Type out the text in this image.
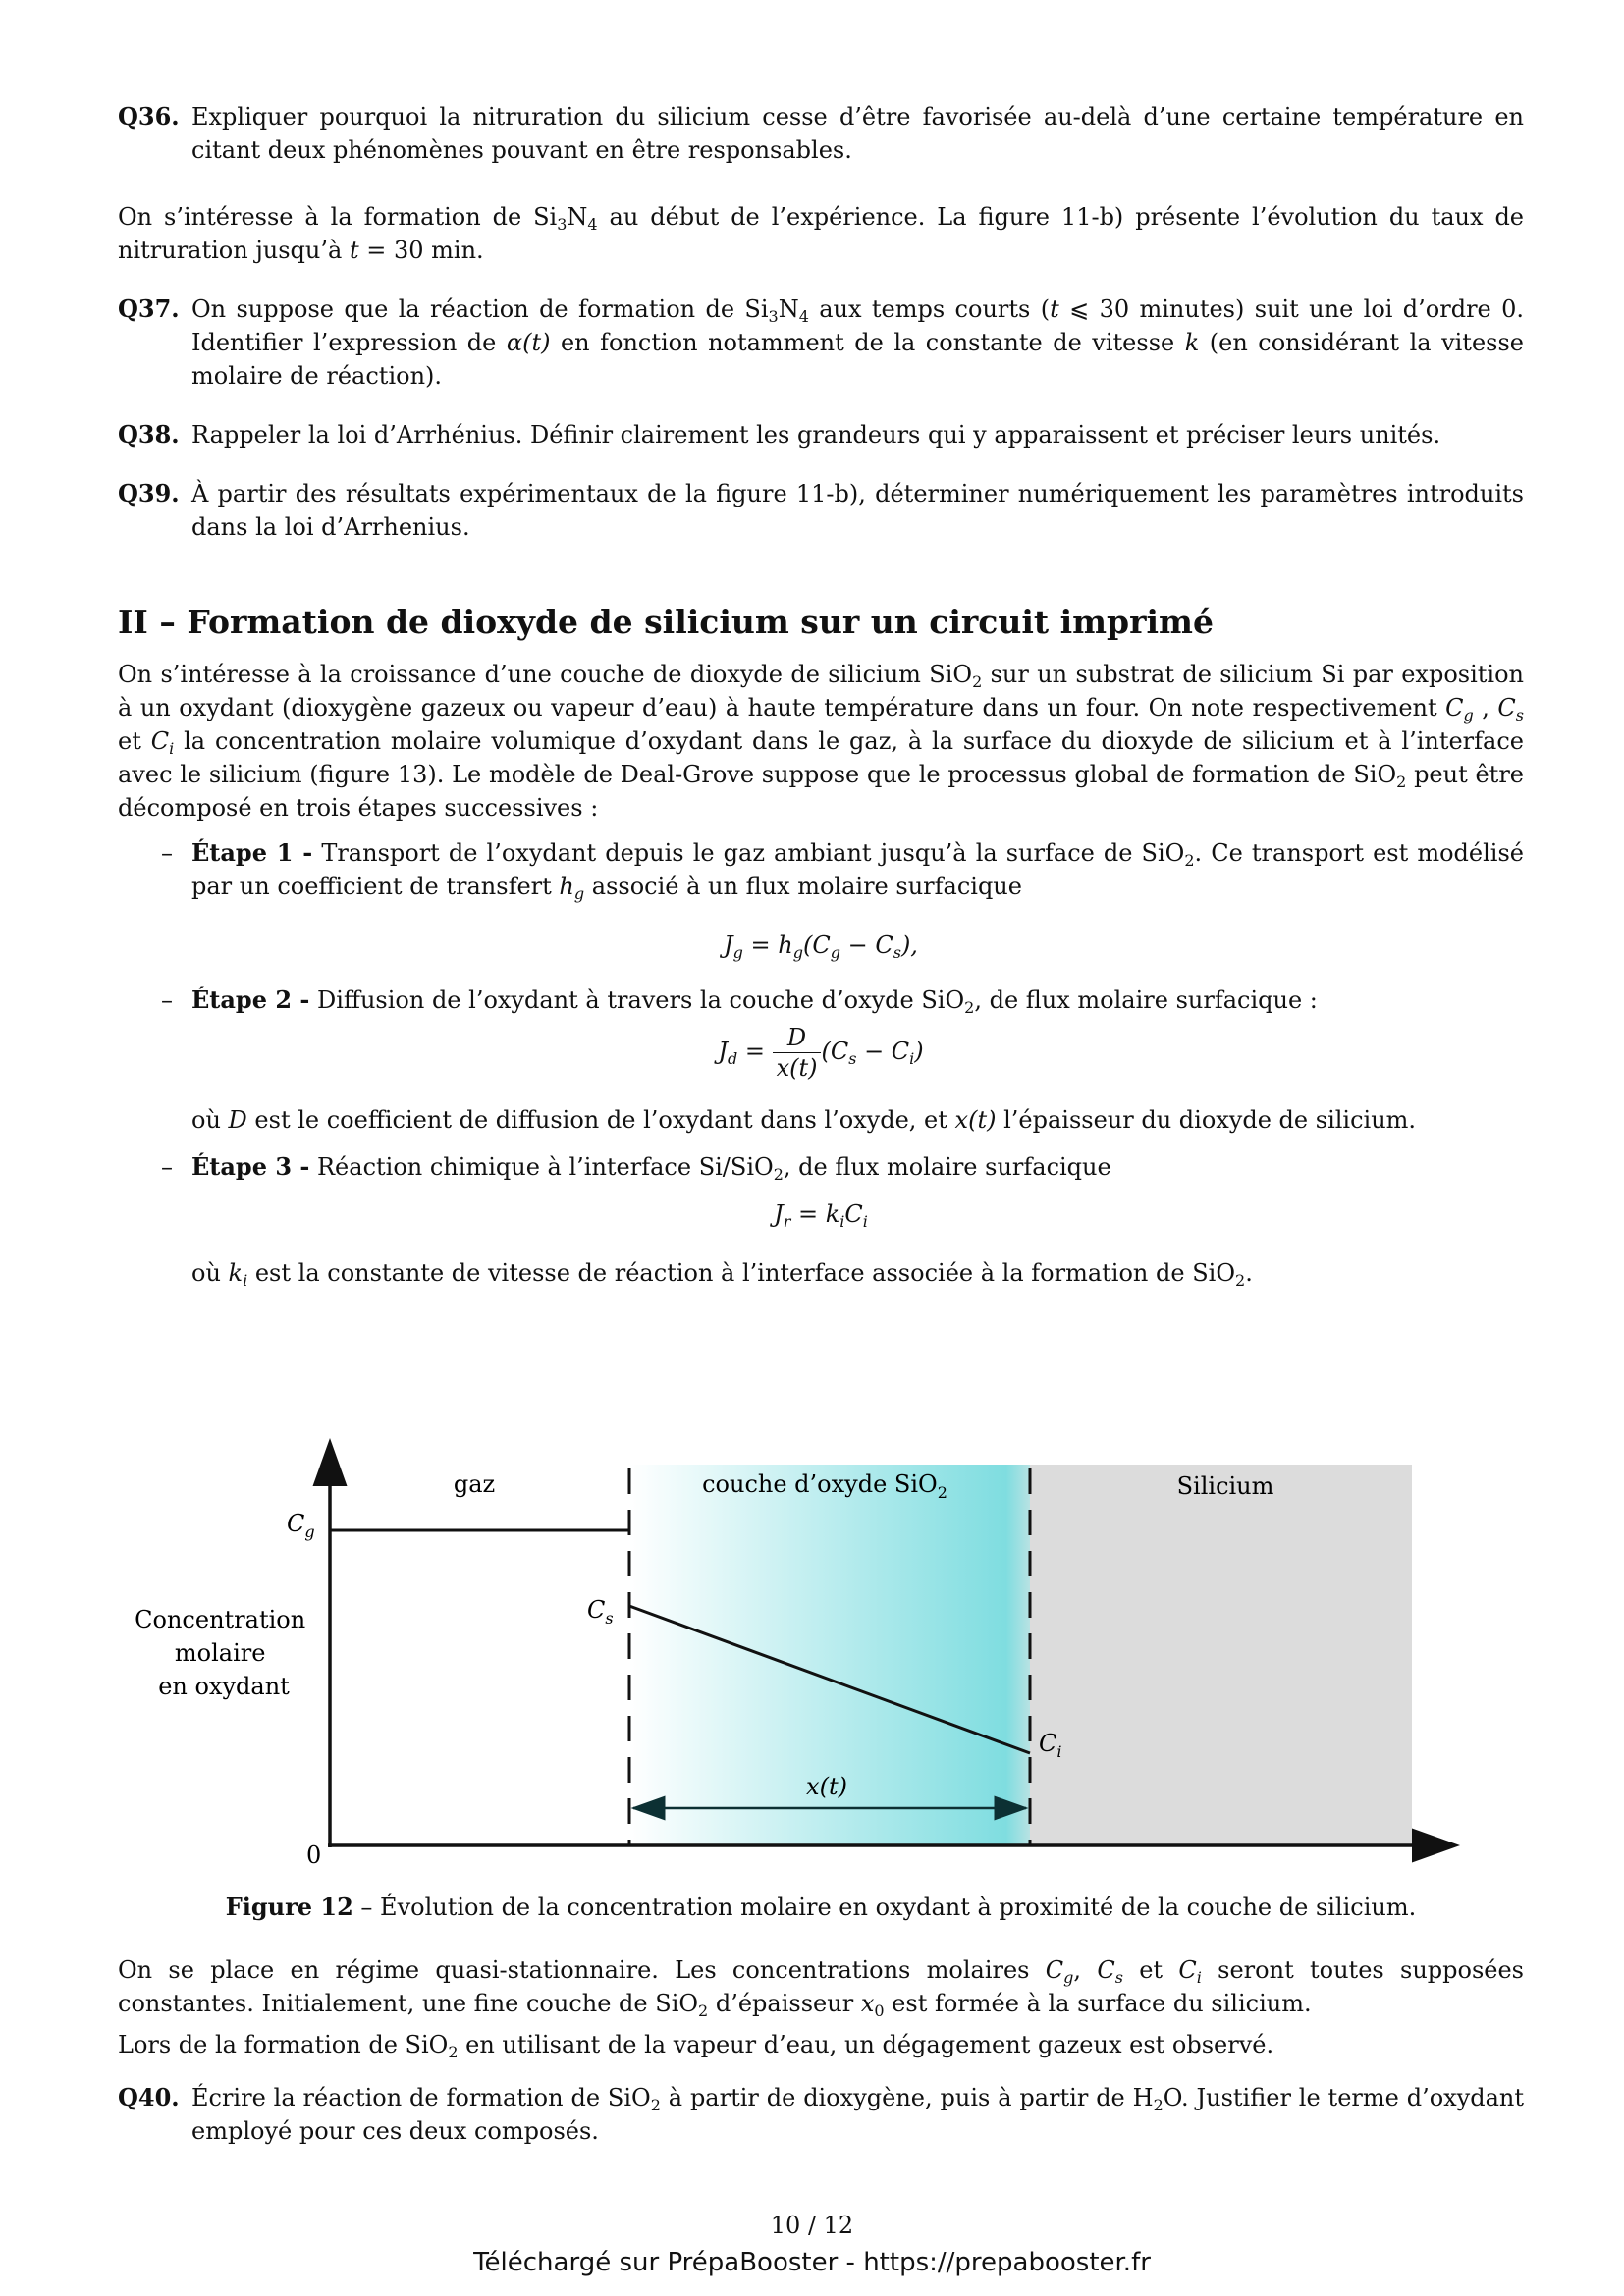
Q36. Expliquer pourquoi la nitruration du silicium cesse d’être favorisée au-delà d’une certaine température en citant deux phénomènes pouvant en être responsables.

On s’intéresse à la formation de $Si_3N_4$ au début de l’expérience. La figure 11-b) présente l’évolution du taux de nitruration jusqu’à t = 30 min.

Q37. On suppose que la réaction de formation de $Si_3N_4$ aux temps courts (t ⩽ 30 minutes) suit une loi d’ordre 0. Identifier l’expression de α(t) en fonction notamment de la constante de vitesse k (en considérant la vitesse molaire de réaction).
Q38. Rappeler la loi d’Arrhénius. Définir clairement les grandeurs qui y apparaissent et préciser leurs unités.
Q39. À partir des résultats expérimentaux de la figure 11-b), déterminer numériquement les paramètres introduits dans la loi d’Arrhenius.
II – Formation de dioxyde de silicium sur un circuit imprimé

On s’intéresse à la croissance d’une couche de dioxyde de silicium SiO$_2$ sur un substrat de silicium Si par exposition à un oxydant (dioxygène gazeux ou vapeur d’eau) à haute température dans un four. On note respectivement $C_g$ , $C_s$ et $C_i$ la concentration molaire volumique d’oxydant dans le gaz, à la surface du dioxyde de silicium et à l’interface avec le silicium (figure 13). Le modèle de Deal-Grove suppose que le processus global de formation de SiO$_2$ peut être décomposé en trois étapes successives :

– Étape 1 - Transport de l’oxydant depuis le gaz ambiant jusqu’à la surface de SiO$_2$. Ce transport est modélisé par un coefficient de transfert $h_g$ associé à un flux molaire surfacique
$J_g = h_g(C_g - C_s)$,
– Étape 2 - Diffusion de l’oxydant à travers la couche d’oxyde SiO$_2$, de flux molaire surfacique :
$J_d = \frac{D}{x(t)} (C_s - C_i)$
où D est le coefficient de diffusion de l’oxydant dans l’oxyde, et x(t) l’épaisseur du dioxyde de silicium.
– Étape 3 - Réaction chimique à l’interface Si/SiO$_2$, de flux molaire surfacique
$J_r = k_iC_i$
où $k_i$ est la constante de vitesse de réaction à l’interface associée à la formation de SiO$_2$.
gaz	couche d’oxyde SiO$_2$	Silicium
Concentration molaire en oxydant
$C_g$
$C_s$
$C_i$
x(t)
0
Figure 12 – Évolution de la concentration molaire en oxydant à proximité de la couche de silicium.

On se place en régime quasi-stationnaire. Les concentrations molaires $C_g$, $C_s$ et $C_i$ seront toutes supposées constantes. Initialement, une fine couche de SiO$_2$ d’épaisseur $x_0$ est formée à la surface du silicium.

Lors de la formation de SiO$_2$ en utilisant de la vapeur d’eau, un dégagement gazeux est observé.

Q40. Écrire la réaction de formation de SiO$_2$ à partir de dioxygène, puis à partir de $H_2O$. Justifier le terme d’oxydant employé pour ces deux composés.
10 / 12
Téléchargé sur PrépaBooster - https://prepabooster.fr
